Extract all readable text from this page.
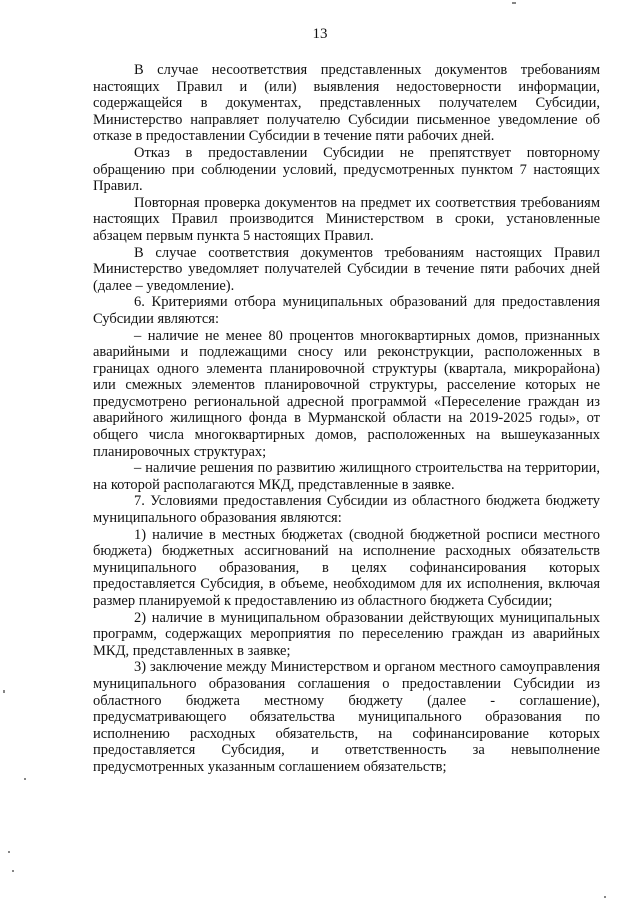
13

В случае несоответствия представленных документов требованиям настоящих Правил и (или) выявления недостоверности информации, содержащейся в документах, представленных получателем Субсидии, Министерство направляет получателю Субсидии письменное уведомление об отказе в предоставлении Субсидии в течение пяти рабочих дней.

Отказ в предоставлении Субсидии не препятствует повторному обращению при соблюдении условий, предусмотренных пунктом 7 настоящих Правил.

Повторная проверка документов на предмет их соответствия требованиям настоящих Правил производится Министерством в сроки, установленные абзацем первым пункта 5 настоящих Правил.

В случае соответствия документов требованиям настоящих Правил Министерство уведомляет получателей Субсидии в течение пяти рабочих дней (далее – уведомление).

6. Критериями отбора муниципальных образований для предоставления Субсидии являются:

– наличие не менее 80 процентов многоквартирных домов, признанных аварийными и подлежащими сносу или реконструкции, расположенных в границах одного элемента планировочной структуры (квартала, микрорайона) или смежных элементов планировочной структуры, расселение которых не предусмотрено региональной адресной программой «Переселение граждан из аварийного жилищного фонда в Мурманской области на 2019-2025 годы», от общего числа многоквартирных домов, расположенных на вышеуказанных планировочных структурах;

– наличие решения по развитию жилищного строительства на территории, на которой располагаются МКД, представленные в заявке.

7. Условиями предоставления Субсидии из областного бюджета бюджету муниципального образования являются:

1) наличие в местных бюджетах (сводной бюджетной росписи местного бюджета) бюджетных ассигнований на исполнение расходных обязательств муниципального образования, в целях софинансирования которых предоставляется Субсидия, в объеме, необходимом для их исполнения, включая размер планируемой к предоставлению из областного бюджета Субсидии;

2) наличие в муниципальном образовании действующих муниципальных программ, содержащих мероприятия по переселению граждан из аварийных МКД, представленных в заявке;

3) заключение между Министерством и органом местного самоуправления муниципального образования соглашения о предоставлении Субсидии из областного бюджета местному бюджету (далее - соглашение), предусматривающего обязательства муниципального образования по исполнению расходных обязательств, на софинансирование которых предоставляется Субсидия, и ответственность за невыполнение предусмотренных указанным соглашением обязательств;
